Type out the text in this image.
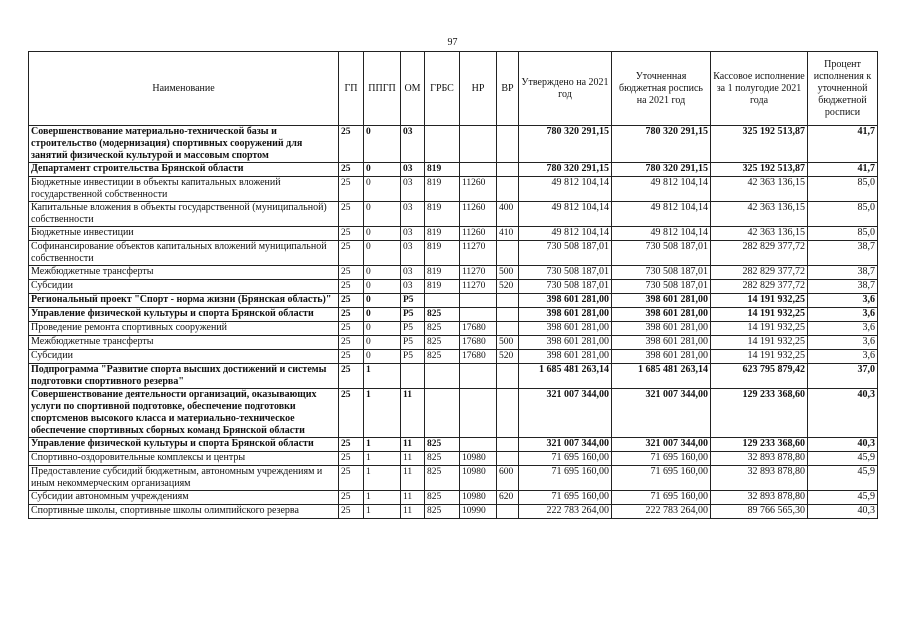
97
Наименование	ГП	ППГП	ОМ	ГРБС	НР	ВР	Утверждено на 2021 год	Уточненная бюджетная роспись на 2021 год	Кассовое исполнение за 1 полугодие 2021 года	Процент исполнения к уточненной бюджетной росписи
Совершенствование материально-технической базы и строительство (модернизация) спортивных сооружений для занятий физической культурой и массовым спортом	25	0	03				780 320 291,15	780 320 291,15	325 192 513,87	41,7
Департамент строительства Брянской области	25	0	03	819			780 320 291,15	780 320 291,15	325 192 513,87	41,7
Бюджетные инвестиции в объекты капитальных вложений государственной собственности	25	0	03	819	11260		49 812 104,14	49 812 104,14	42 363 136,15	85,0
Капитальные вложения в объекты государственной (муниципальной) собственности	25	0	03	819	11260	400	49 812 104,14	49 812 104,14	42 363 136,15	85,0
Бюджетные инвестиции	25	0	03	819	11260	410	49 812 104,14	49 812 104,14	42 363 136,15	85,0
Софинансирование объектов капитальных вложений муниципальной собственности	25	0	03	819	11270		730 508 187,01	730 508 187,01	282 829 377,72	38,7
Межбюджетные трансферты	25	0	03	819	11270	500	730 508 187,01	730 508 187,01	282 829 377,72	38,7
Субсидии	25	0	03	819	11270	520	730 508 187,01	730 508 187,01	282 829 377,72	38,7
Региональный проект "Спорт - норма жизни (Брянская область)"	25	0	P5				398 601 281,00	398 601 281,00	14 191 932,25	3,6
Управление физической культуры и спорта Брянской области	25	0	P5	825			398 601 281,00	398 601 281,00	14 191 932,25	3,6
Проведение ремонта спортивных сооружений	25	0	P5	825	17680		398 601 281,00	398 601 281,00	14 191 932,25	3,6
Межбюджетные трансферты	25	0	P5	825	17680	500	398 601 281,00	398 601 281,00	14 191 932,25	3,6
Субсидии	25	0	P5	825	17680	520	398 601 281,00	398 601 281,00	14 191 932,25	3,6
Подпрограмма "Развитие спорта высших достижений и системы подготовки спортивного резерва"	25	1					1 685 481 263,14	1 685 481 263,14	623 795 879,42	37,0
Совершенствование деятельности организаций, оказывающих услуги по спортивной подготовке, обеспечение подготовки спортсменов высокого класса и материально-техническое обеспечение спортивных сборных команд Брянской области	25	1	11				321 007 344,00	321 007 344,00	129 233 368,60	40,3
Управление физической культуры и спорта Брянской области	25	1	11	825			321 007 344,00	321 007 344,00	129 233 368,60	40,3
Спортивно-оздоровительные комплексы и центры	25	1	11	825	10980		71 695 160,00	71 695 160,00	32 893 878,80	45,9
Предоставление субсидий бюджетным, автономным учреждениям и иным некоммерческим организациям	25	1	11	825	10980	600	71 695 160,00	71 695 160,00	32 893 878,80	45,9
Субсидии автономным учреждениям	25	1	11	825	10980	620	71 695 160,00	71 695 160,00	32 893 878,80	45,9
Спортивные школы, спортивные школы олимпийского резерва	25	1	11	825	10990		222 783 264,00	222 783 264,00	89 766 565,30	40,3
